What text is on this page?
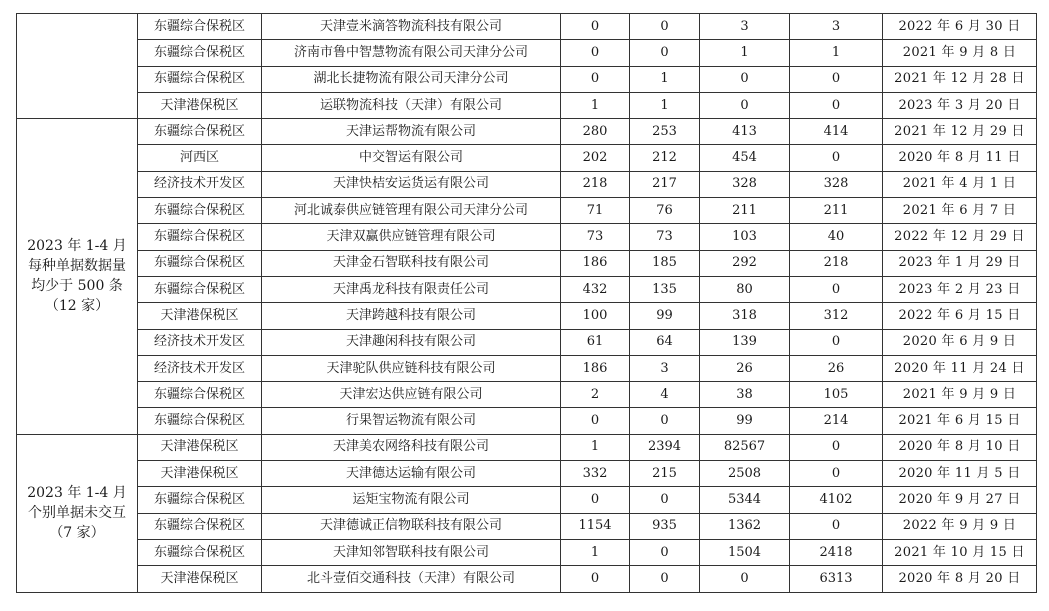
	东疆综合保税区	天津壹米滴答物流科技有限公司	0	0	3	3	2022 年 6 月 30 日
	东疆综合保税区	济南市鲁中智慧物流有限公司天津分公司	0	0	1	1	2021 年 9 月 8 日
	东疆综合保税区	湖北长捷物流有限公司天津分公司	0	1	0	0	2021 年 12 月 28 日
	天津港保税区	运联物流科技（天津）有限公司	1	1	0	0	2023 年 3 月 20 日
2023 年 1-4 月每种单据数据量均少于 500 条（12 家）	东疆综合保税区	天津运帮物流有限公司	280	253	413	414	2021 年 12 月 29 日
	河西区	中交智运有限公司	202	212	454	0	2020 年 8 月 11 日
	经济技术开发区	天津快桔安运货运有限公司	218	217	328	328	2021 年 4 月 1 日
	东疆综合保税区	河北诚泰供应链管理有限公司天津分公司	71	76	211	211	2021 年 6 月 7 日
	东疆综合保税区	天津双赢供应链管理有限公司	73	73	103	40	2022 年 12 月 29 日
	东疆综合保税区	天津金石智联科技有限公司	186	185	292	218	2023 年 1 月 29 日
	东疆综合保税区	天津禹龙科技有限责任公司	432	135	80	0	2023 年 2 月 23 日
	天津港保税区	天津跨越科技有限公司	100	99	318	312	2022 年 6 月 15 日
	经济技术开发区	天津趣闲科技有限公司	61	64	139	0	2020 年 6 月 9 日
	经济技术开发区	天津驼队供应链科技有限公司	186	3	26	26	2020 年 11 月 24 日
	东疆综合保税区	天津宏达供应链有限公司	2	4	38	105	2021 年 9 月 9 日
	东疆综合保税区	行果智运物流有限公司	0	0	99	214	2021 年 6 月 15 日
2023 年 1-4 月个别单据未交互（7 家）	天津港保税区	天津美农网络科技有限公司	1	2394	82567	0	2020 年 8 月 10 日
	天津港保税区	天津德达运输有限公司	332	215	2508	0	2020 年 11 月 5 日
	东疆综合保税区	运矩宝物流有限公司	0	0	5344	4102	2020 年 9 月 27 日
	东疆综合保税区	天津德诚正信物联科技有限公司	1154	935	1362	0	2022 年 9 月 9 日
	东疆综合保税区	天津知邻智联科技有限公司	1	0	1504	2418	2021 年 10 月 15 日
	天津港保税区	北斗壹佰交通科技（天津）有限公司	0	0	0	6313	2020 年 8 月 20 日
